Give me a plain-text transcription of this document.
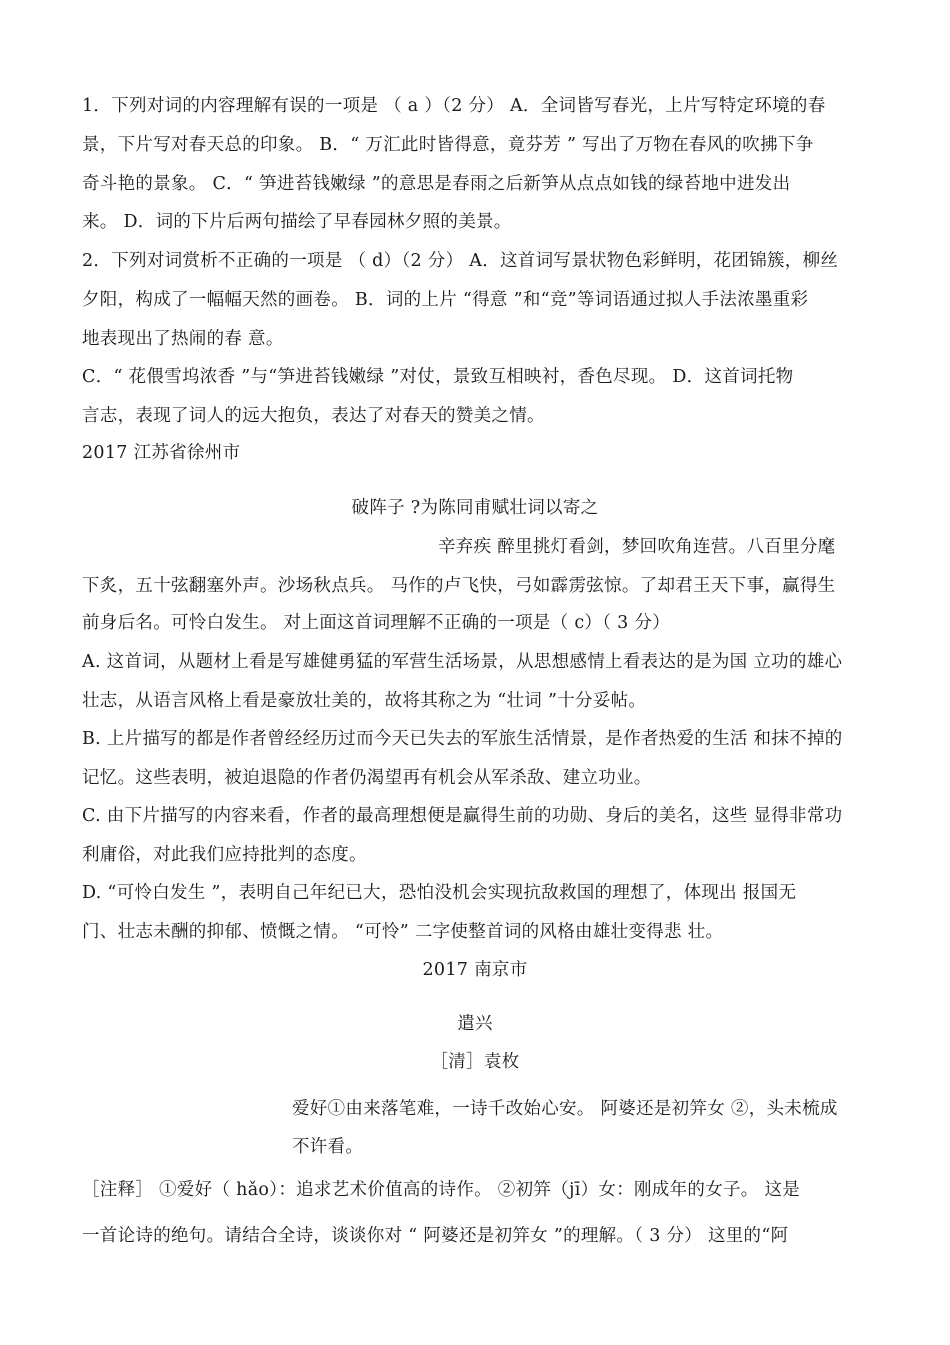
1．下列对词的内容理解有误的一项是 （ a ）（2 分） A．全词皆写春光，上片写特定环境的春

景，下片写对春天总的印象。 B．“ 万汇此时皆得意，竟芬芳 ” 写出了万物在春风的吹拂下争

奇斗艳的景象。 C．“ 笋进苔钱嫩绿 ”的意思是春雨之后新笋从点点如钱的绿苔地中进发出

来。 D．词的下片后两句描绘了早春园林夕照的美景。

2．下列对词赏析不正确的一项是 （ d）（2 分） A．这首词写景状物色彩鲜明，花团锦簇，柳丝

夕阳，构成了一幅幅天然的画卷。 B．词的上片 “得意 ”和“竞”等词语通过拟人手法浓墨重彩

地表现出了热闹的春 意。

C．“ 花偎雪坞浓香 ”与“笋进苔钱嫩绿 ”对仗，景致互相映衬，香色尽现。 D．这首词托物

言志，表现了词人的远大抱负，表达了对春天的赞美之情。

2017 江苏省徐州市

破阵子 ?为陈同甫赋壮词以寄之

辛弃疾 醉里挑灯看剑，梦回吹角连营。八百里分麾

下炙，五十弦翻塞外声。沙场秋点兵。 马作的卢飞快，弓如霹雳弦惊。了却君王天下事，赢得生

前身后名。可怜白发生。 对上面这首词理解不正确的一项是（ c）（ 3 分）

A. 这首词，从题材上看是写雄健勇猛的军营生活场景，从思想感情上看表达的是为国 立功的雄心

壮志，从语言风格上看是豪放壮美的，故将其称之为 “壮词 ”十分妥帖。

B. 上片描写的都是作者曾经经历过而今天已失去的军旅生活情景，是作者热爱的生活 和抹不掉的

记忆。这些表明，被迫退隐的作者仍渴望再有机会从军杀敌、建立功业。

C. 由下片描写的内容来看，作者的最高理想便是赢得生前的功勋、身后的美名，这些 显得非常功

利庸俗，对此我们应持批判的态度。

D. “可怜白发生 ”，表明自己年纪已大，恐怕没机会实现抗敌救国的理想了，体现出 报国无

门、壮志未酬的抑郁、愤慨之情。 “可怜” 二字使整首词的风格由雄壮变得悲 壮。

2017 南京市

遣兴

［清］袁枚

爱好①由来落笔难，一诗千改始心安。 阿婆还是初笄女 ②，头未梳成

不许看。

［注释］ ①爱好（ hǎo）：追求艺术价值高的诗作。 ②初笄（jī）女：刚成年的女子。 这是

一首论诗的绝句。请结合全诗，谈谈你对 “ 阿婆还是初笄女 ”的理解。（ 3 分） 这里的“阿
